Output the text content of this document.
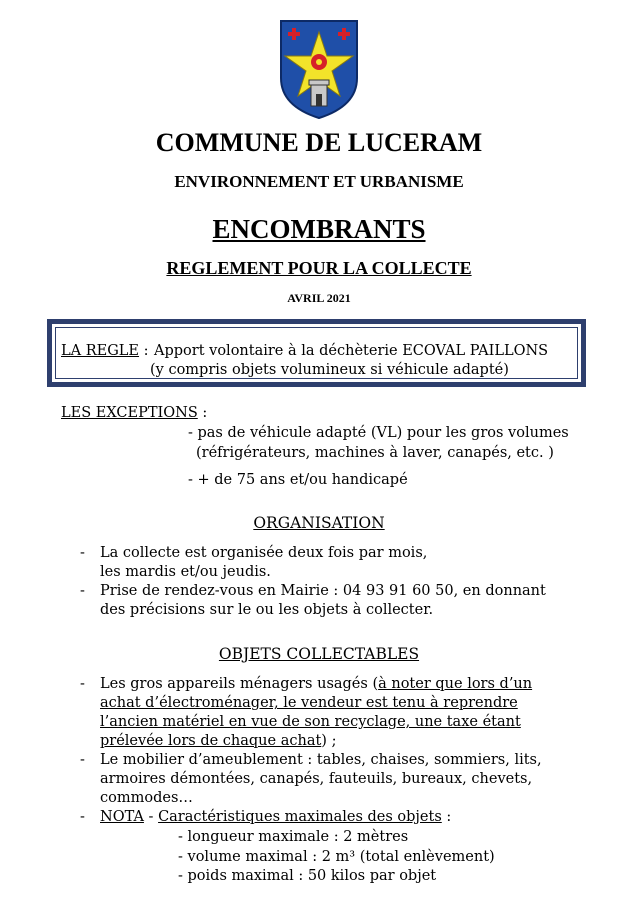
COMMUNE DE LUCERAM
ENVIRONNEMENT ET URBANISME
ENCOMBRANTS
REGLEMENT POUR LA COLLECTE
AVRIL 2021
LA REGLE : Apport volontaire à la déchèterie ECOVAL PAILLONS
(y compris objets volumineux si véhicule adapté)
LES EXCEPTIONS :
- pas de véhicule adapté (VL) pour les gros volumes
(réfrigérateurs, machines à laver, canapés, etc. )
- + de 75 ans et/ou handicapé
ORGANISATION
- La collecte est organisée deux fois par mois,
les mardis et/ou jeudis.
- Prise de rendez-vous en Mairie : 04 93 91 60 50, en donnant
des précisions sur le ou les objets à collecter.
OBJETS COLLECTABLES
- Les gros appareils ménagers usagés (à noter que lors d’un
achat d’électroménager, le vendeur est tenu à reprendre
l’ancien matériel en vue de son recyclage, une taxe étant
prélevée lors de chaque achat) ;
- Le mobilier d’ameublement : tables, chaises, sommiers, lits,
armoires démontées, canapés, fauteuils, bureaux, chevets,
commodes…
- NOTA - Caractéristiques maximales des objets :
- longueur maximale : 2 mètres
- volume maximal : 2 m³ (total enlèvement)
- poids maximal : 50 kilos par objet
